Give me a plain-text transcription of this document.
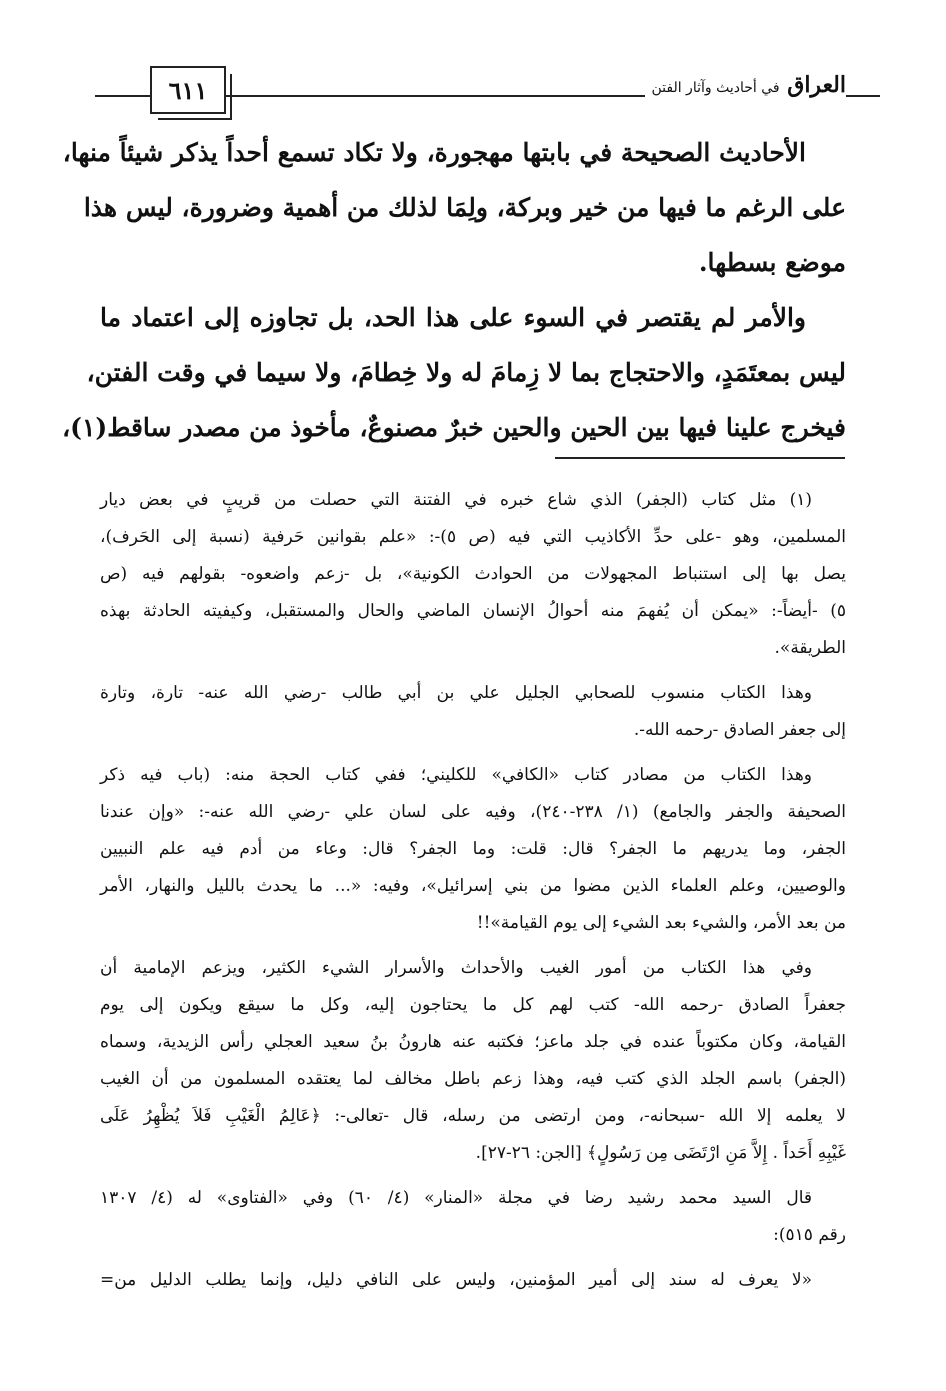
٦١١	العراق في أحاديث وآثار الفتن
الأحاديث الصحيحة في بابتها مهجورة، ولا تكاد تسمع أحداً يذكر شيئاً منها،
على الرغم ما فيها من خير وبركة، ولِمَا لذلك من أهمية وضرورة، ليس هذا
موضع بسطها.
والأمر لم يقتصر في السوء على هذا الحد، بل تجاوزه إلى اعتماد ما
ليس بمعتَمَدٍ، والاحتجاج بما لا زِمامَ له ولا خِطامَ، ولا سيما في وقت الفتن،
فيخرج علينا فيها بين الحين والحين خبرٌ مصنوعٌ، مأخوذ من مصدر ساقط(١)،
(١) مثل كتاب (الجفر) الذي شاع خبره في الفتنة التي حصلت من قريبٍ في بعض ديار
المسلمين، وهو -على حدِّ الأكاذيب التي فيه (ص ٥)-: «علم بقوانين حَرفية (نسبة إلى الحَرف)،
يصل بها إلى استنباط المجهولات من الحوادث الكونية»، بل -زعم واضعوه- بقولهم فيه (ص
٥) -أيضاً-: «يمكن أن يُفهمَ منه أحوالُ الإنسان الماضي والحال والمستقبل، وكيفيته الحادثة بهذه
الطريقة».
وهذا الكتاب منسوب للصحابي الجليل علي بن أبي طالب -رضي الله عنه- تارة، وتارة
إلى جعفر الصادق -رحمه الله-.
وهذا الكتاب من مصادر كتاب «الكافي» للكليني؛ ففي كتاب الحجة منه: (باب فيه ذكر
الصحيفة والجفر والجامع) (١/ ٢٣٨-٢٤٠)، وفيه على لسان علي -رضي الله عنه-: «وإن عندنا
الجفر، وما يدريهم ما الجفر؟ قال: قلت: وما الجفر؟ قال: وعاء من أدم فيه علم النبيين
والوصيين، وعلم العلماء الذين مضوا من بني إسرائيل»، وفيه: «... ما يحدث بالليل والنهار، الأمر
من بعد الأمر، والشيء بعد الشيء إلى يوم القيامة»!!
وفي هذا الكتاب من أمور الغيب والأحداث والأسرار الشيء الكثير، ويزعم الإمامية أن
جعفراً الصادق -رحمه الله- كتب لهم كل ما يحتاجون إليه، وكل ما سيقع ويكون إلى يوم
القيامة، وكان مكتوباً عنده في جلد ماعز؛ فكتبه عنه هارونُ بنُ سعيد العجلي رأس الزيدية، وسماه
(الجفر) باسم الجلد الذي كتب فيه، وهذا زعم باطل مخالف لما يعتقده المسلمون من أن الغيب
لا يعلمه إلا الله -سبحانه-، ومن ارتضى من رسله، قال -تعالى-: ﴿عَالِمُ الْغَيْبِ فَلاَ يُظْهِرُ عَلَى
غَيْبِهِ أَحَداً . إِلاَّ مَنِ ارْتَضَى مِن رَسُولٍ﴾ [الجن: ٢٦-٢٧].
قال السيد محمد رشيد رضا في مجلة «المنار» (٤/ ٦٠) وفي «الفتاوى» له (٤/ ١٣٠٧
رقم ٥١٥):
«لا يعرف له سند إلى أمير المؤمنين، وليس على النافي دليل، وإنما يطلب الدليل من=
